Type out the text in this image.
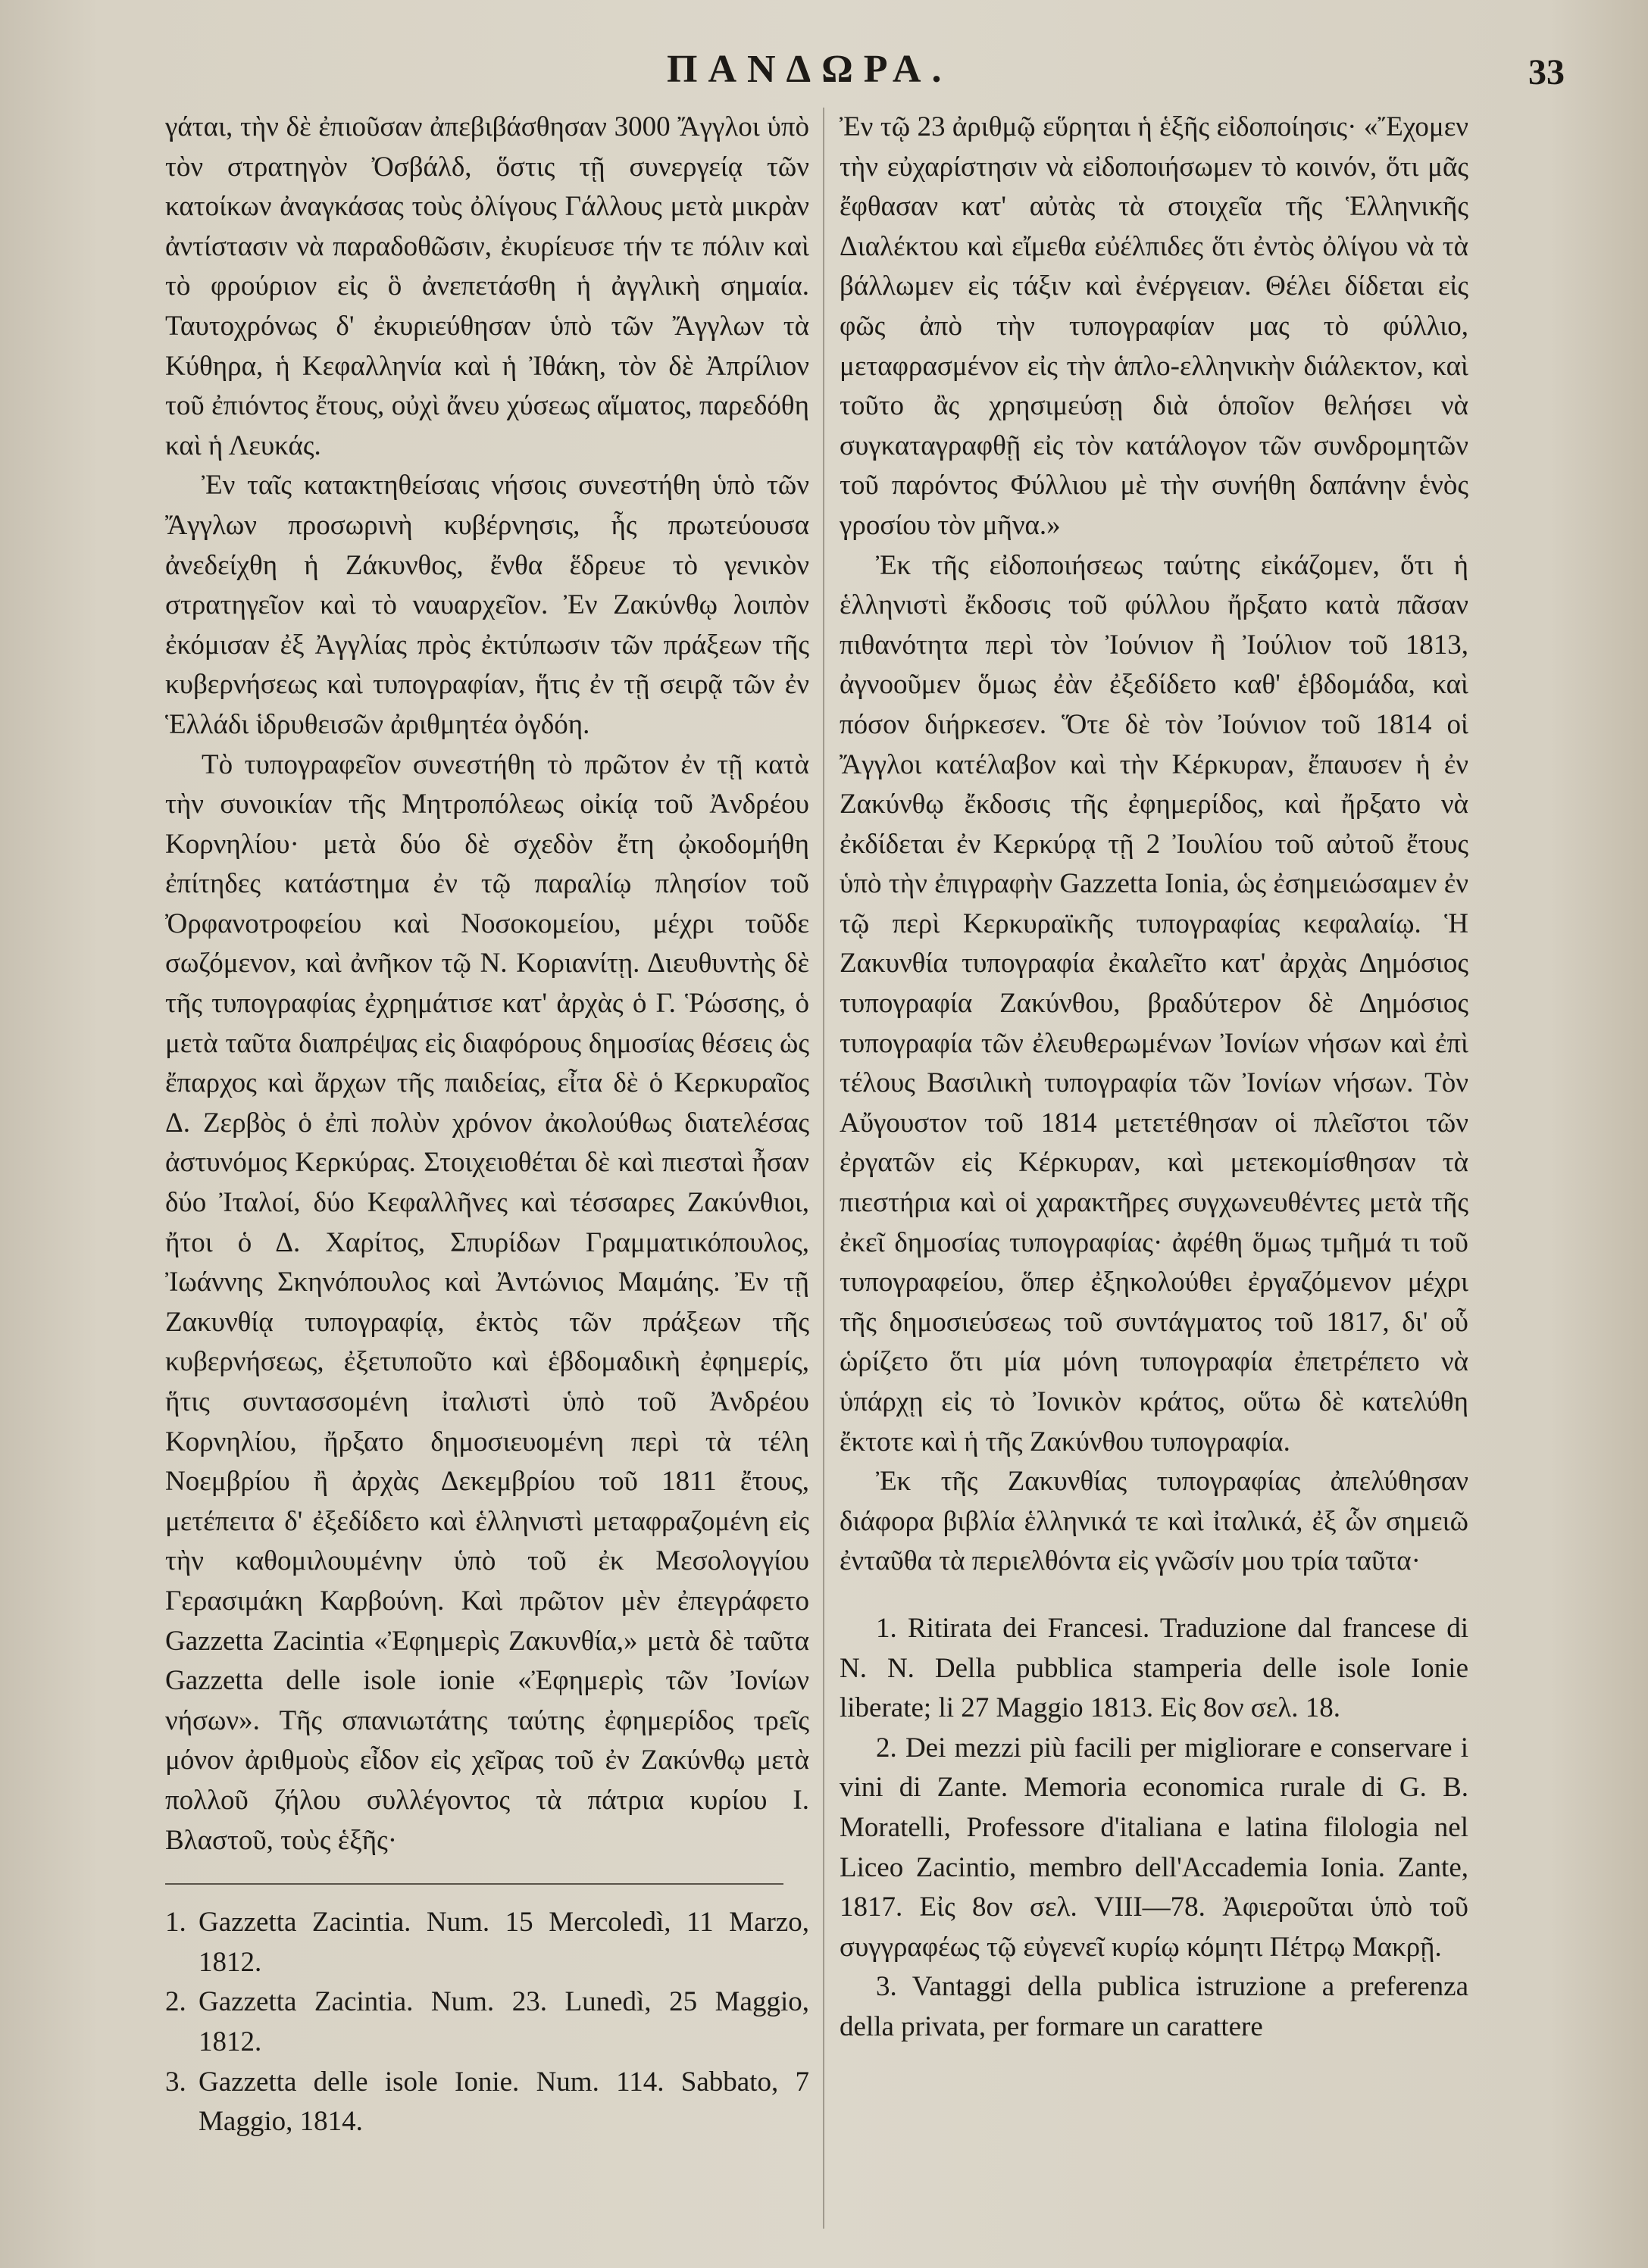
ΠΑΝΔΩΡΑ.	33

γάται, τὴν δὲ ἐπιοῦσαν ἀπεβιβάσθησαν 3000 Ἄγγλοι ὑπὸ τὸν στρατηγὸν Ὀσβάλδ, ὅστις τῇ συνεργείᾳ τῶν κατοίκων ἀναγκάσας τοὺς ὀλίγους Γάλλους μετὰ μικρὰν ἀντίστασιν νὰ παραδοθῶσιν, ἐκυρίευσε τήν τε πόλιν καὶ τὸ φρούριον εἰς ὃ ἀνεπετάσθη ἡ ἀγγλικὴ σημαία. Ταυτοχρόνως δ' ἐκυριεύθησαν ὑπὸ τῶν Ἄγγλων τὰ Κύθηρα, ἡ Κεφαλληνία καὶ ἡ Ἰθάκη, τὸν δὲ Ἀπρίλιον τοῦ ἐπιόντος ἔτους, οὐχὶ ἄνευ χύσεως αἵματος, παρεδόθη καὶ ἡ Λευκάς.

Ἐν ταῖς κατακτηθείσαις νήσοις συνεστήθη ὑπὸ τῶν Ἄγγλων προσωρινὴ κυβέρνησις, ἧς πρωτεύουσα ἀνεδείχθη ἡ Ζάκυνθος, ἔνθα ἕδρευε τὸ γενικὸν στρατηγεῖον καὶ τὸ ναυαρχεῖον. Ἐν Ζακύνθῳ λοιπὸν ἐκόμισαν ἐξ Ἀγγλίας πρὸς ἐκτύπωσιν τῶν πράξεων τῆς κυβερνήσεως καὶ τυπογραφίαν, ἥτις ἐν τῇ σειρᾷ τῶν ἐν Ἑλλάδι ἱδρυθεισῶν ἀριθμητέα ὀγδόη.

Τὸ τυπογραφεῖον συνεστήθη τὸ πρῶτον ἐν τῇ κατὰ τὴν συνοικίαν τῆς Μητροπόλεως οἰκίᾳ τοῦ Ἀνδρέου Κορνηλίου· μετὰ δύο δὲ σχεδὸν ἔτη ᾠκοδομήθη ἐπίτηδες κατάστημα ἐν τῷ παραλίῳ πλησίον τοῦ Ὀρφανοτροφείου καὶ Νοσοκομείου, μέχρι τοῦδε σωζόμενον, καὶ ἀνῆκον τῷ Ν. Κοριανίτῃ. Διευθυντὴς δὲ τῆς τυπογραφίας ἐχρημάτισε κατ' ἀρχὰς ὁ Γ. Ῥώσσης, ὁ μετὰ ταῦτα διαπρέψας εἰς διαφόρους δημοσίας θέσεις ὡς ἔπαρχος καὶ ἄρχων τῆς παιδείας, εἶτα δὲ ὁ Κερκυραῖος Δ. Ζερβὸς ὁ ἐπὶ πολὺν χρόνον ἀκολούθως διατελέσας ἀστυνόμος Κερκύρας. Στοιχειοθέται δὲ καὶ πιεσταὶ ἦσαν δύο Ἰταλοί, δύο Κεφαλλῆνες καὶ τέσσαρες Ζακύνθιοι, ἤτοι ὁ Δ. Χαρίτος, Σπυρίδων Γραμματικόπουλος, Ἰωάννης Σκηνόπουλος καὶ Ἀντώνιος Μαμάης. Ἐν τῇ Ζακυνθίᾳ τυπογραφίᾳ, ἐκτὸς τῶν πράξεων τῆς κυβερνήσεως, ἐξετυποῦτο καὶ ἑβδομαδικὴ ἐφημερίς, ἥτις συντασσομένη ἰταλιστὶ ὑπὸ τοῦ Ἀνδρέου Κορνηλίου, ἤρξατο δημοσιευομένη περὶ τὰ τέλη Νοεμβρίου ἢ ἀρχὰς Δεκεμβρίου τοῦ 1811 ἔτους, μετέπειτα δ' ἐξεδίδετο καὶ ἑλληνιστὶ μεταφραζομένη εἰς τὴν καθομιλουμένην ὑπὸ τοῦ ἐκ Μεσολογγίου Γερασιμάκη Καρβούνη. Καὶ πρῶτον μὲν ἐπεγράφετο Gazzetta Zacintia «Ἐφημερὶς Ζακυνθία,» μετὰ δὲ ταῦτα Gazzetta delle isole ionie «Ἐφημερὶς τῶν Ἰονίων νήσων». Τῆς σπανιωτάτης ταύτης ἐφημερίδος τρεῖς μόνον ἀριθμοὺς εἶδον εἰς χεῖρας τοῦ ἐν Ζακύνθῳ μετὰ πολλοῦ ζήλου συλλέγοντος τὰ πάτρια κυρίου Ι. Βλαστοῦ, τοὺς ἑξῆς·

1. Gazzetta Zacintia. Num. 15 Mercoledì, 11 Marzo, 1812.
2. Gazzetta Zacintia. Num. 23. Lunedì, 25 Maggio, 1812.
3. Gazzetta delle isole Ionie. Num. 114. Sabbato, 7 Maggio, 1814.

Ἐν τῷ 23 ἀριθμῷ εὕρηται ἡ ἑξῆς εἰδοποίησις· «Ἔχομεν τὴν εὐχαρίστησιν νὰ εἰδοποιήσωμεν τὸ κοινόν, ὅτι μᾶς ἔφθασαν κατ' αὐτὰς τὰ στοιχεῖα τῆς Ἑλληνικῆς Διαλέκτου καὶ εἴμεθα εὐέλπιδες ὅτι ἐντὸς ὀλίγου νὰ τὰ βάλλωμεν εἰς τάξιν καὶ ἐνέργειαν. Θέλει δίδεται εἰς φῶς ἀπὸ τὴν τυπογραφίαν μας τὸ φύλλιο, μεταφρασμένον εἰς τὴν ἁπλο-ελληνικὴν διάλεκτον, καὶ τοῦτο ἂς χρησιμεύσῃ διὰ ὁποῖον θελήσει νὰ συγκαταγραφθῇ εἰς τὸν κατάλογον τῶν συνδρομητῶν τοῦ παρόντος Φύλλιου μὲ τὴν συνήθη δαπάνην ἑνὸς γροσίου τὸν μῆνα.»

Ἐκ τῆς εἰδοποιήσεως ταύτης εἰκάζομεν, ὅτι ἡ ἑλληνιστὶ ἔκδοσις τοῦ φύλλου ἤρξατο κατὰ πᾶσαν πιθανότητα περὶ τὸν Ἰούνιον ἢ Ἰούλιον τοῦ 1813, ἀγνοοῦμεν ὅμως ἐὰν ἐξεδίδετο καθ' ἑβδομάδα, καὶ πόσον διήρκεσεν. Ὅτε δὲ τὸν Ἰούνιον τοῦ 1814 οἱ Ἄγγλοι κατέλαβον καὶ τὴν Κέρκυραν, ἔπαυσεν ἡ ἐν Ζακύνθῳ ἔκδοσις τῆς ἐφημερίδος, καὶ ἤρξατο νὰ ἐκδίδεται ἐν Κερκύρᾳ τῇ 2 Ἰουλίου τοῦ αὐτοῦ ἔτους ὑπὸ τὴν ἐπιγραφὴν Gazzetta Ionia, ὡς ἐσημειώσαμεν ἐν τῷ περὶ Κερκυραϊκῆς τυπογραφίας κεφαλαίῳ. Ἡ Ζακυνθία τυπογραφία ἐκαλεῖτο κατ' ἀρχὰς Δημόσιος τυπογραφία Ζακύνθου, βραδύτερον δὲ Δημόσιος τυπογραφία τῶν ἐλευθερωμένων Ἰονίων νήσων καὶ ἐπὶ τέλους Βασιλικὴ τυπογραφία τῶν Ἰονίων νήσων. Τὸν Αὔγουστον τοῦ 1814 μετετέθησαν οἱ πλεῖστοι τῶν ἐργατῶν εἰς Κέρκυραν, καὶ μετεκομίσθησαν τὰ πιεστήρια καὶ οἱ χαρακτῆρες συγχωνευθέντες μετὰ τῆς ἐκεῖ δημοσίας τυπογραφίας· ἀφέθη ὅμως τμῆμά τι τοῦ τυπογραφείου, ὅπερ ἐξηκολούθει ἐργαζόμενον μέχρι τῆς δημοσιεύσεως τοῦ συντάγματος τοῦ 1817, δι' οὗ ὡρίζετο ὅτι μία μόνη τυπογραφία ἐπετρέπετο νὰ ὑπάρχῃ εἰς τὸ Ἰονικὸν κράτος, οὕτω δὲ κατελύθη ἔκτοτε καὶ ἡ τῆς Ζακύνθου τυπογραφία.

Ἐκ τῆς Ζακυνθίας τυπογραφίας ἀπελύθησαν διάφορα βιβλία ἑλληνικά τε καὶ ἰταλικά, ἐξ ὧν σημειῶ ἐνταῦθα τὰ περιελθόντα εἰς γνῶσίν μου τρία ταῦτα·

1. Ritirata dei Francesi. Traduzione dal francese di N. N. Della pubblica stamperia delle isole Ionie liberate; li 27 Maggio 1813. Εἰς 8ον σελ. 18.

2. Dei mezzi più facili per migliorare e conservare i vini di Zante. Memoria economica rurale di G. B. Moratelli, Professore d'italiana e latina filologia nel Liceo Zacintio, membro dell'Accademia Ionia. Zante, 1817. Εἰς 8ον σελ. VIII—78. Ἀφιεροῦται ὑπὸ τοῦ συγγραφέως τῷ εὐγενεῖ κυρίῳ κόμητι Πέτρῳ Μακρῇ.

3. Vantaggi della publica istruzione a preferenza della privata, per formare un carattere
